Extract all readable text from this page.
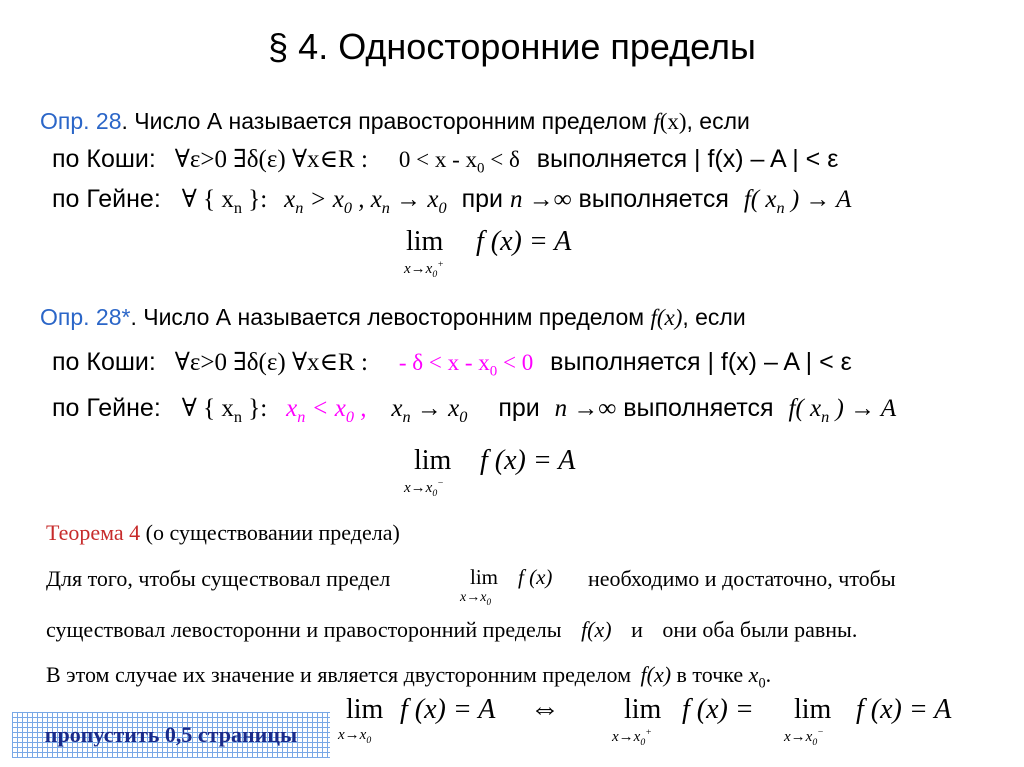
§ 4. Односторонние пределы
Опр. 28. Число А называется правосторонним пределом f(x), если
по Коши: ∀ε>0 ∃δ(ε) ∀x∈R : $0 < x - x_0 < \delta$ выполняется | f(x) – A | < ε
по Гейне: ∀ { $x_n$ }: $x_n > x_0$ , $x_n \to x_0$ при n →∞ выполняется f( $x_n$ ) → A
lim
$x\to x_0^+$
f (x) = A
Опр. 28*. Число А называется левосторонним пределом f(x), если
по Коши: ∀ε>0 ∃δ(ε) ∀x∈R : - $\delta < x - x_0 < 0$ выполняется | f(x) – A | < ε
по Гейне: ∀ { $x_n$ }: $x_n < x_0$ , $x_n \to x_0$ при n →∞ выполняется f( $x_n$ ) → A
lim
$x\to x_0^-$
f (x) = A
Теорема 4 (о существовании предела)
Для того, чтобы существовал предел	lim
$x\to x_0$
f (x) необходимо и достаточно, чтобы
существовал левосторонни и правосторонний пределы f(x) и они оба были равны.
В этом случае их значение и является двусторонним пределом f(x) в точке $x_0$.
lim
$x\to x_0$
f (x) = A ⇔ lim
$x\to x_0^+$
f (x) = lim
$x\to x_0^-$
f (x) = A
пропустить 0,5 страницы
